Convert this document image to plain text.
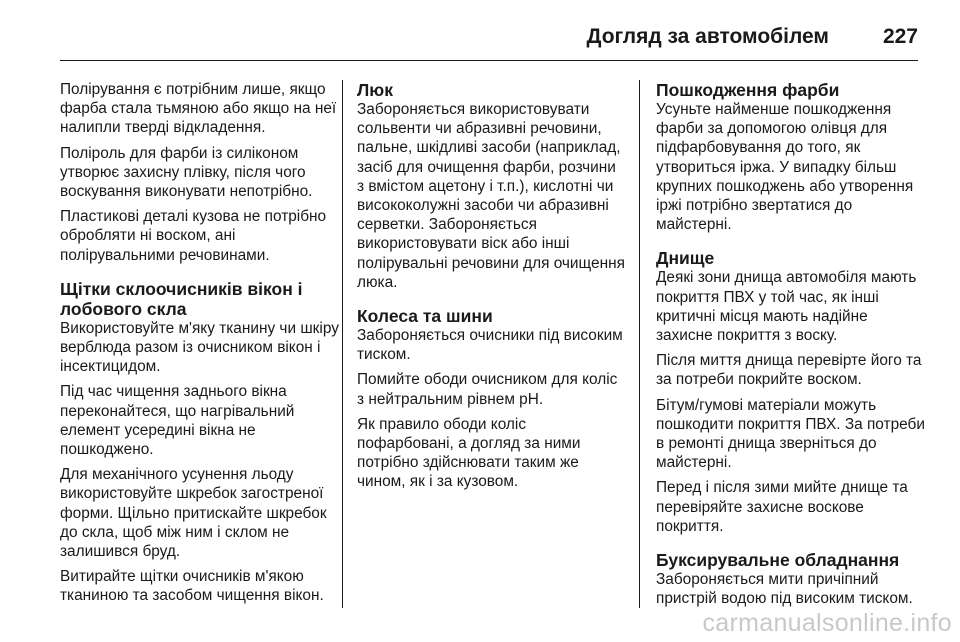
Догляд за автомобілем	227

Полірування є потрібним лише, якщо фарба стала тьмяною або якщо на неї налипли тверді відкладення.

Поліроль для фарби із силіконом утворює захисну плівку, після чого воскування виконувати непотрібно.

Пластикові деталі кузова не потрібно обробляти ні воском, ані полірувальними речовинами.

Щітки склоочисників вікон і лобового скла

Використовуйте м'яку тканину чи шкіру верблюда разом із очисником вікон і інсектицидом.

Під час чищення заднього вікна переконайтеся, що нагрівальний елемент усередині вікна не пошкоджено.

Для механічного усунення льоду використовуйте шкребок загостреної форми. Щільно притискайте шкребок до скла, щоб між ним і склом не залишився бруд.

Витирайте щітки очисників м'якою тканиною та засобом чищення вікон.

Люк

Забороняється використовувати сольвенти чи абразивні речовини, пальне, шкідливі засоби (наприклад, засіб для очищення фарби, розчини з вмістом ацетону і т.п.), кислотні чи висококолужні засоби чи абразивні серветки. Забороняється використовувати віск або інші полірувальні речовини для очищення люка.

Колеса та шини

Забороняється очисники під високим тиском.

Помийте ободи очисником для коліс з нейтральним рівнем pH.

Як правило ободи коліс пофарбовані, а догляд за ними потрібно здійснювати таким же чином, як і за кузовом.

Пошкодження фарби

Усуньте найменше пошкодження фарби за допомогою олівця для підфарбовування до того, як утвориться іржа. У випадку більш крупних пошкоджень або утворення іржі потрібно звертатися до майстерні.

Днище

Деякі зони днища автомобіля мають покриття ПВХ у той час, як інші критичні місця мають надійне захисне покриття з воску.

Після миття днища перевірте його та за потреби покрийте воском.

Бітум/гумові матеріали можуть пошкодити покриття ПВХ. За потреби в ремонті днища зверніться до майстерні.

Перед і після зими мийте днище та перевіряйте захисне воскове покриття.

Буксирувальне обладнання

Забороняється мити причіпний пристрій водою під високим тиском.

carmanualsonline.info
